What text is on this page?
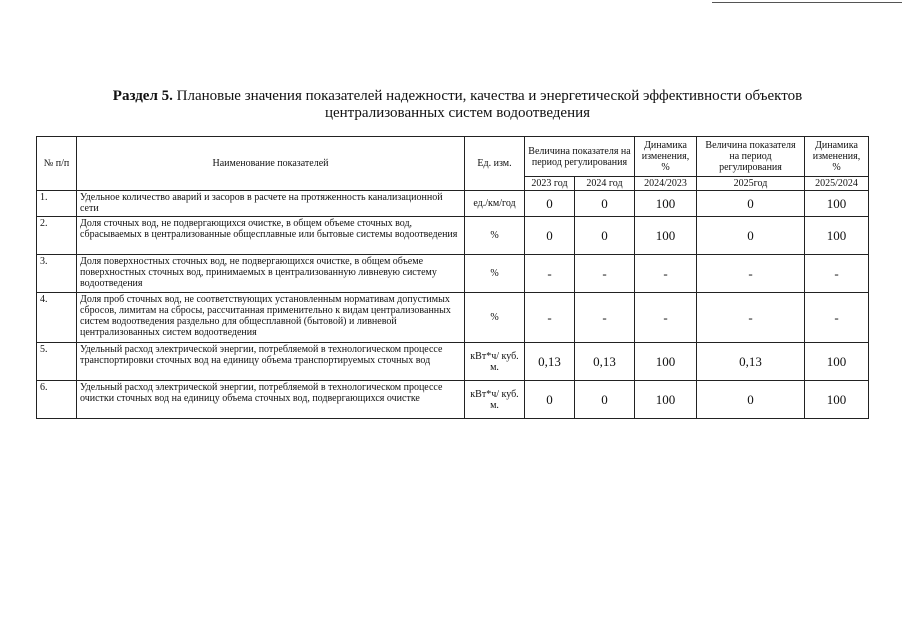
Раздел 5. Плановые значения показателей надежности, качества и энергетической эффективности объектов
централизованных систем водоотведения
№ п/п	Наименование показателей	Ед. изм.	Величина показателя на период регулирования		Динамика изменения, %	Величина показателя на период регулирования	Динамика изменения, %
			2023 год	2024 год	2024/2023	2025год	2025/2024
1.	Удельное количество аварий и засоров в расчете на протяженность канализационной сети	ед./км/год	0	0	100	0	100
2.	Доля сточных вод, не подвергающихся очистке, в общем объеме сточных вод, сбрасываемых в централизованные общесплавные или бытовые системы водоотведения	%	0	0	100	0	100
3.	Доля поверхностных сточных вод, не подвергающихся очистке, в общем объеме поверхностных сточных вод, принимаемых в централизованную ливневую систему водоотведения	%	-	-	-	-	-
4.	Доля проб сточных вод, не соответствующих установленным нормативам допустимых сбросов, лимитам на сбросы, рассчитанная применительно к видам централизованных систем водоотведения раздельно для общесплавной (бытовой) и ливневой централизованных систем водоотведения	%	-	-	-	-	-
5.	Удельный расход электрической энергии, потребляемой в технологическом процессе транспортировки сточных вод на единицу объема транспортируемых сточных вод	кВт*ч/ куб. м.	0,13	0,13	100	0,13	100
6.	Удельный расход электрической энергии, потребляемой в технологическом процессе очистки сточных вод на единицу объема сточных вод, подвергающихся очистке	кВт*ч/ куб. м.	0	0	100	0	100
